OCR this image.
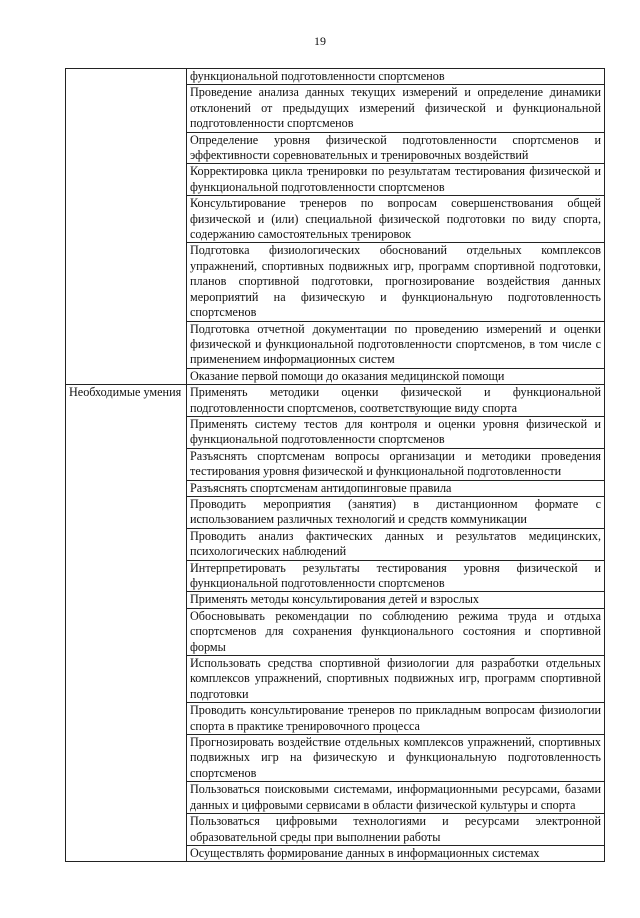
19
	функциональной подготовленности спортсменов
	Проведение анализа данных текущих измерений и определение динамики отклонений от предыдущих измерений физической и функциональной подготовленности спортсменов
	Определение уровня физической подготовленности спортсменов и эффективности соревновательных и тренировочных воздействий
	Корректировка цикла тренировки по результатам тестирования физической и функциональной подготовленности спортсменов
	Консультирование тренеров по вопросам совершенствования общей физической и (или) специальной физической подготовки по виду спорта, содержанию самостоятельных тренировок
	Подготовка физиологических обоснований отдельных комплексов упражнений, спортивных подвижных игр, программ спортивной подготовки, планов спортивной подготовки, прогнозирование воздействия данных мероприятий на физическую и функциональную подготовленность спортсменов
	Подготовка отчетной документации по проведению измерений и оценки физической и функциональной подготовленности спортсменов, в том числе с применением информационных систем
	Оказание первой помощи до оказания медицинской помощи
Необходимые умения	Применять методики оценки физической и функциональной подготовленности спортсменов, соответствующие виду спорта
	Применять систему тестов для контроля и оценки уровня физической и функциональной подготовленности спортсменов
	Разъяснять спортсменам вопросы организации и методики проведения тестирования уровня физической и функциональной подготовленности
	Разъяснять спортсменам антидопинговые правила
	Проводить мероприятия (занятия) в дистанционном формате с использованием различных технологий и средств коммуникации
	Проводить анализ фактических данных и результатов медицинских, психологических наблюдений
	Интерпретировать результаты тестирования уровня физической и функциональной подготовленности спортсменов
	Применять методы консультирования детей и взрослых
	Обосновывать рекомендации по соблюдению режима труда и отдыха спортсменов для сохранения функционального состояния и спортивной формы
	Использовать средства спортивной физиологии для разработки отдельных комплексов упражнений, спортивных подвижных игр, программ спортивной подготовки
	Проводить консультирование тренеров по прикладным вопросам физиологии спорта в практике тренировочного процесса
	Прогнозировать воздействие отдельных комплексов упражнений, спортивных подвижных игр на физическую и функциональную подготовленность спортсменов
	Пользоваться поисковыми системами, информационными ресурсами, базами данных и цифровыми сервисами в области физической культуры и спорта
	Пользоваться цифровыми технологиями и ресурсами электронной образовательной среды при выполнении работы
	Осуществлять формирование данных в информационных системах
